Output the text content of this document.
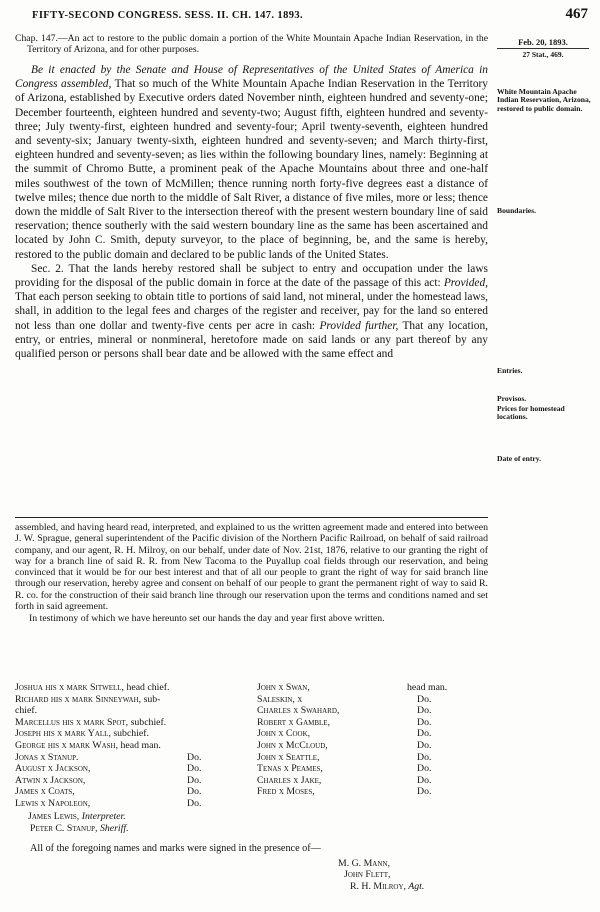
FIFTY-SECOND CONGRESS. SESS. II. CH. 147. 1893.	467
Feb. 20, 1893.
27 Stat., 469.

Chap. 147.—An act to restore to the public domain a portion of the White Mountain Apache Indian Reservation, in the Territory of Arizona, and for other purposes.

Be it enacted by the Senate and House of Representatives of the United States of America in Congress assembled, That so much of the White Mountain Apache Indian Reservation in the Territory of Arizona, established by Executive orders dated November ninth, eighteen hundred and seventy-one; December fourteenth, eighteen hundred and seventy-two; August fifth, eighteen hundred and seventy-three; July twenty-first, eighteen hundred and seventy-four; April twenty-seventh, eighteen hundred and seventy-six; January twenty-sixth, eighteen hundred and seventy-seven; and March thirty-first, eighteen hundred and seventy-seven; as lies within the following boundary lines, namely: Beginning at the summit of Chromo Butte, a prominent peak of the Apache Mountains about three and one-half miles southwest of the town of McMillen; thence running north forty-five degrees east a distance of twelve miles; thence due north to the middle of Salt River, a distance of five miles, more or less; thence down the middle of Salt River to the intersection thereof with the present western boundary line of said reservation; thence southerly with the said western boundary line as the same has been ascertained and located by John C. Smith, deputy surveyor, to the place of beginning, be, and the same is hereby, restored to the public domain and declared to be public lands of the United States.

Sec. 2. That the lands hereby restored shall be subject to entry and occupation under the laws providing for the disposal of the public domain in force at the date of the passage of this act: Provided, That each person seeking to obtain title to portions of said land, not mineral, under the homestead laws, shall, in addition to the legal fees and charges of the register and receiver, pay for the land so entered not less than one dollar and twenty-five cents per acre in cash: Provided further, That any location, entry, or entries, mineral or nonmineral, heretofore made on said lands or any part thereof by any qualified person or persons shall bear date and be allowed with the same effect and

White Mountain Apache Indian Reservation, Arizona, restored to public domain.
Boundaries.
Entries.
Provisos.
Prices for homestead locations.
Date of entry.

assembled, and having heard read, interpreted, and explained to us the written agreement made and entered into between J. W. Sprague, general superintendent of the Pacific division of the Northern Pacific Railroad, on behalf of said railroad company, and our agent, R. H. Milroy, on our behalf, under date of Nov. 21st, 1876, relative to our granting the right of way for a branch line of said R. R. from New Tacoma to the Puyallup coal fields through our reservation, and being convinced that it would be for our best interest and that of all our people to grant the right of way for said branch line through our reservation, hereby agree and consent on behalf of our people to grant the permanent right of way to said R. R. co. for the construction of their said branch line through our reservation upon the terms and conditions named and set forth in said agreement.

In testimony of which we have hereunto set our hands the day and year first above written.

Joshua his x mark Sitwell, head chief.
Richard his x mark Sinneywah, sub-
chief.
Marcellus his x mark Spot, subchief.
Joseph his x mark Yall, subchief.
George his x mark Wash, head man.
Jonas x Stanup.	Do.
August x Jackson,	Do.
Atwin x Jackson,	Do.
James x Coats,	Do.
Lewis x Napoleon,	Do.
John x Swan,	head man.
Saleskin, x	Do.
Charles x Swahard,	Do.
Robert x Gamble,	Do.
John x Cook,	Do.
John x McCloud,	Do.
John x Seattle,	Do.
Tenas x Peames,	Do.
Charles x Jake,	Do.
Fred x Moses,	Do.
James Lewis, Interpreter.
Peter C. Stanup, Sheriff.
All of the foregoing names and marks were signed in the presence of—
M. G. Mann,
John Flett,
R. H. Milroy, Agt.
